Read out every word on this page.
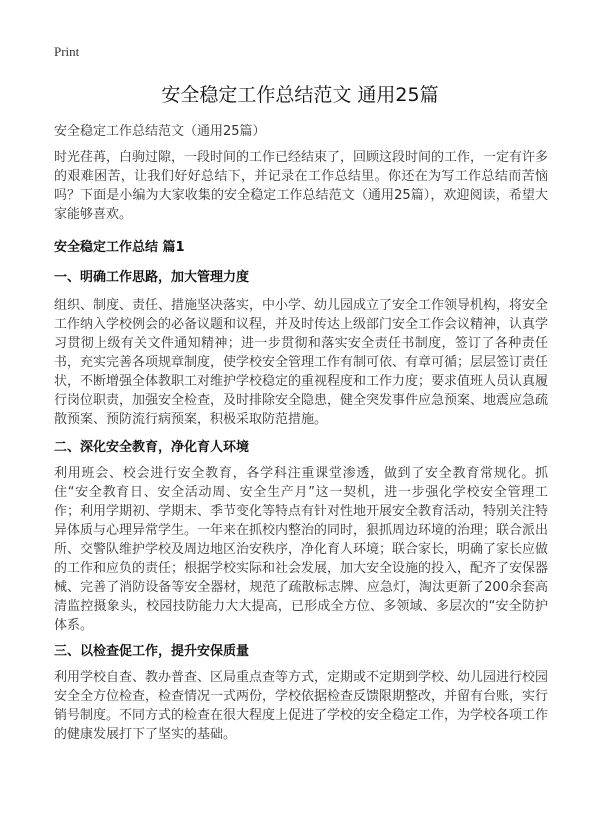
Print
安全稳定工作总结范文 通用25篇

安全稳定工作总结范文（通用25篇）

时光荏苒，白驹过隙，一段时间的工作已经结束了，回顾这段时间的工作，一定有许多的艰难困苦，让我们好好总结下，并记录在工作总结里。你还在为写工作总结而苦恼吗？下面是小编为大家收集的安全稳定工作总结范文（通用25篇），欢迎阅读，希望大家能够喜欢。

安全稳定工作总结 篇1
一、明确工作思路，加大管理力度

组织、制度、责任、措施坚决落实，中小学、幼儿园成立了安全工作领导机构，将安全工作纳入学校例会的必备议题和议程，并及时传达上级部门安全工作会议精神，认真学习贯彻上级有关文件通知精神；进一步贯彻和落实安全责任书制度，签订了各种责任书，充实完善各项规章制度，使学校安全管理工作有制可依、有章可循；层层签订责任状，不断增强全体教职工对维护学校稳定的重视程度和工作力度；要求值班人员认真履行岗位职责，加强安全检查，及时排除安全隐患，健全突发事件应急预案、地震应急疏散预案、预防流行病预案，积极采取防范措施。

二、深化安全教育，净化育人环境

利用班会、校会进行安全教育，各学科注重课堂渗透，做到了安全教育常规化。抓住“安全教育日、安全活动周、安全生产月”这一契机，进一步强化学校安全管理工作；利用学期初、学期末、季节变化等特点有针对性地开展安全教育活动，特别关注特异体质与心理异常学生。一年来在抓校内整治的同时，狠抓周边环境的治理；联合派出所、交警队维护学校及周边地区治安秩序，净化育人环境；联合家长，明确了家长应做的工作和应负的责任；根据学校实际和社会发展，加大安全设施的投入，配齐了安保器械、完善了消防设备等安全器材，规范了疏散标志牌、应急灯，淘汰更新了200余套高清监控摄象头，校园技防能力大大提高，已形成全方位、多领域、多层次的“安全防护体系。

三、以检查促工作，提升安保质量

利用学校自查、教办普查、区局重点查等方式，定期或不定期到学校、幼儿园进行校园安全全方位检查，检查情况一式两份，学校依据检查反馈限期整改，并留有台账，实行销号制度。不同方式的检查在很大程度上促进了学校的安全稳定工作，为学校各项工作的健康发展打下了坚实的基础。
